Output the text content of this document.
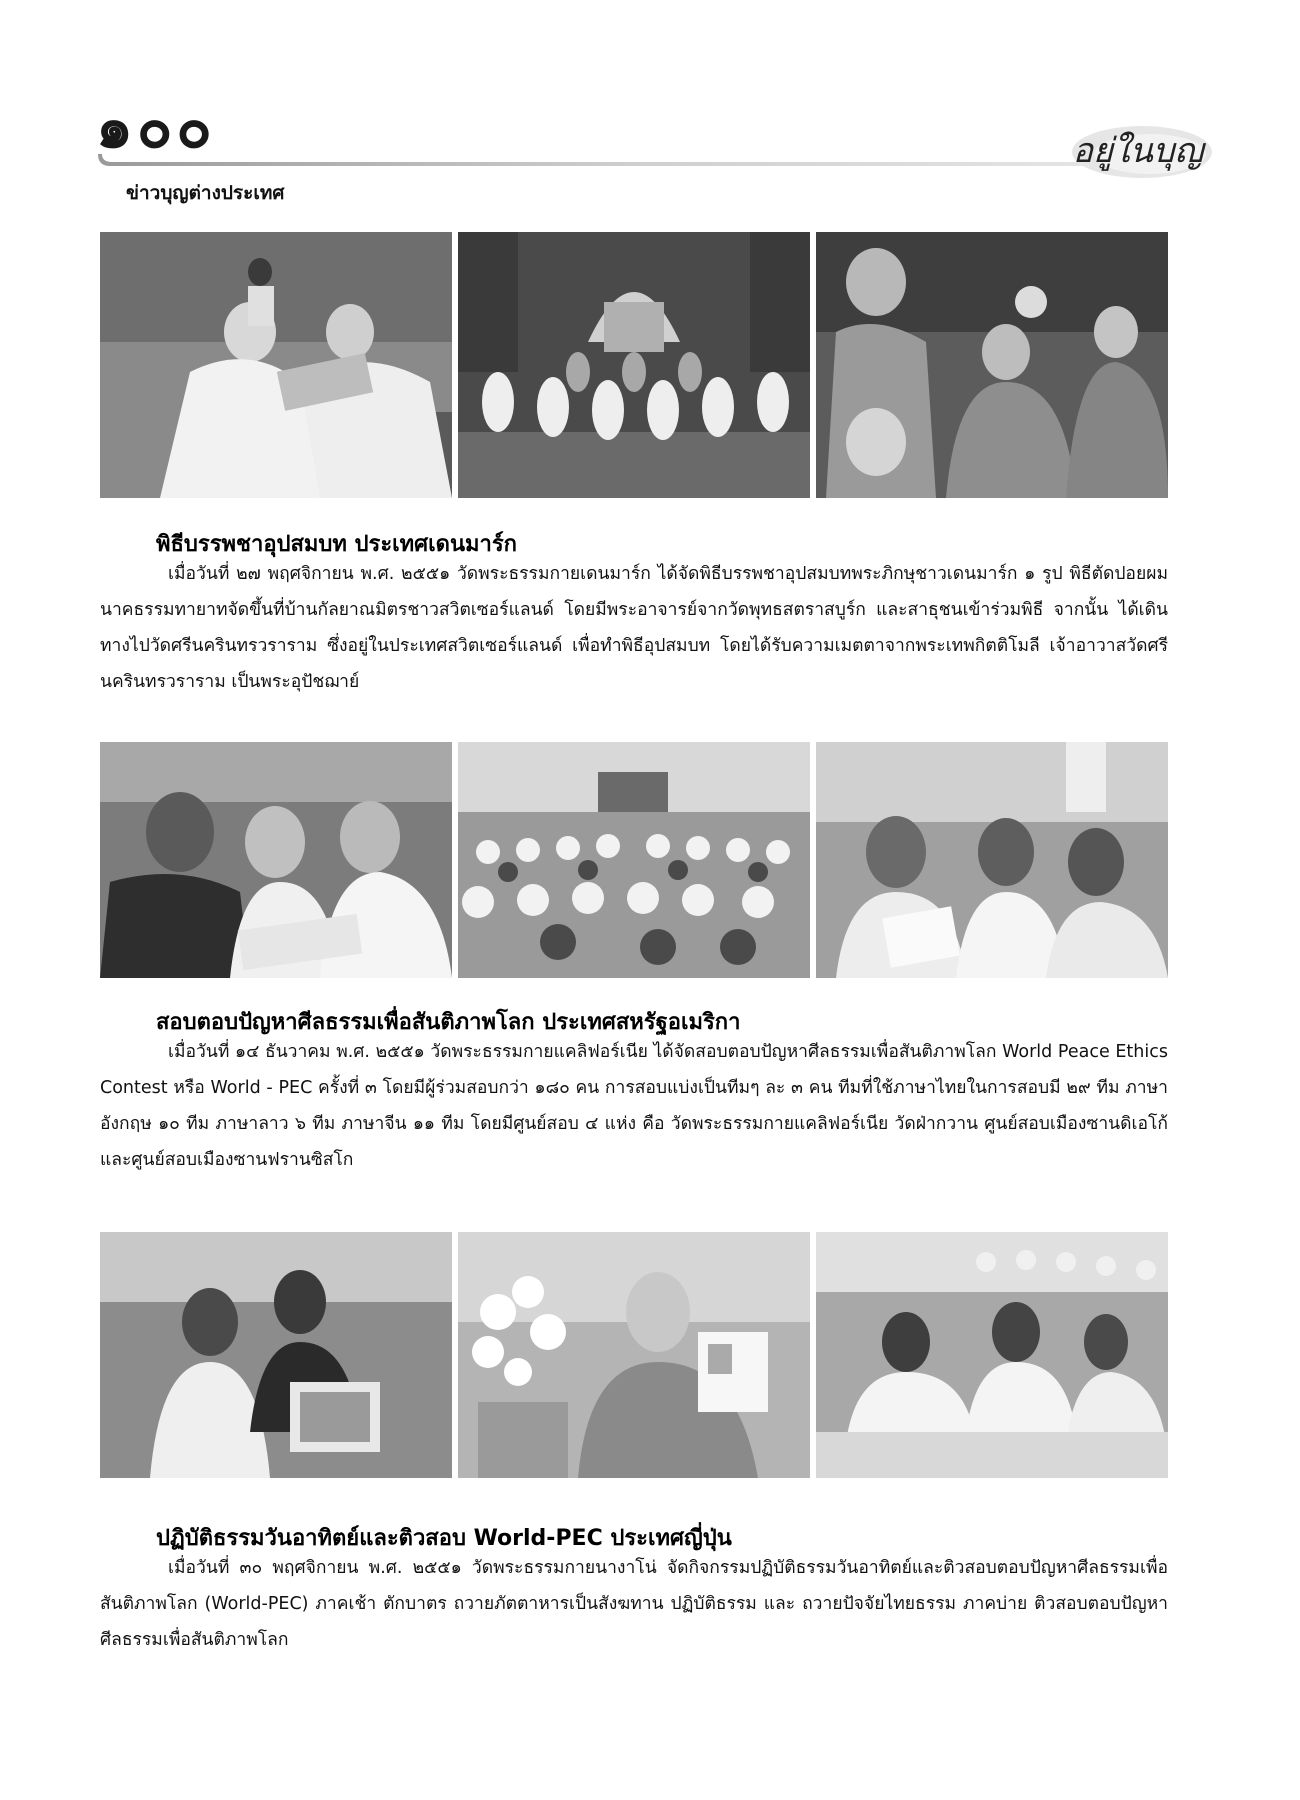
๑๐๐	อยู่ในบุญ
ข่าวบุญต่างประเทศ
พิธีบรรพชาอุปสมบท ประเทศเดนมาร์ก

เมื่อวันที่ ๒๗ พฤศจิกายน พ.ศ. ๒๕๕๑ วัดพระธรรมกายเดนมาร์ก ได้จัดพิธีบรรพชาอุปสมบทพระภิกษุชาวเดนมาร์ก ๑ รูป พิธีตัดปอยผมนาคธรรมทายาทจัดขึ้นที่บ้านกัลยาณมิตรชาวสวิตเซอร์แลนด์ โดยมีพระอาจารย์จากวัดพุทธสตราสบูร์ก และสาธุชนเข้าร่วมพิธี จากนั้น ได้เดินทางไปวัดศรีนครินทรวราราม ซึ่งอยู่ในประเทศสวิตเซอร์แลนด์ เพื่อทำพิธีอุปสมบท โดยได้รับความเมตตาจากพระเทพกิตติโมลี เจ้าอาวาสวัดศรีนครินทรวราราม เป็นพระอุปัชฌาย์

สอบตอบปัญหาศีลธรรมเพื่อสันติภาพโลก ประเทศสหรัฐอเมริกา

เมื่อวันที่ ๑๔ ธันวาคม พ.ศ. ๒๕๕๑ วัดพระธรรมกายแคลิฟอร์เนีย ได้จัดสอบตอบปัญหาศีลธรรมเพื่อสันติภาพโลก World Peace Ethics Contest หรือ World - PEC ครั้งที่ ๓ โดยมีผู้ร่วมสอบกว่า ๑๘๐ คน การสอบแบ่งเป็นทีมๆ ละ ๓ คน ทีมที่ใช้ภาษาไทยในการสอบมี ๒๙ ทีม ภาษาอังกฤษ ๑๐ ทีม ภาษาลาว ๖ ทีม ภาษาจีน ๑๑ ทีม โดยมีศูนย์สอบ ๔ แห่ง คือ วัดพระธรรมกายแคลิฟอร์เนีย วัดฝ่ากวาน ศูนย์สอบเมืองซานดิเอโก้ และศูนย์สอบเมืองซานฟรานซิสโก

ปฏิบัติธรรมวันอาทิตย์และติวสอบ World-PEC ประเทศญี่ปุ่น

เมื่อวันที่ ๓๐ พฤศจิกายน พ.ศ. ๒๕๕๑ วัดพระธรรมกายนางาโน่ จัดกิจกรรมปฏิบัติธรรมวันอาทิตย์และติวสอบตอบปัญหาศีลธรรมเพื่อสันติภาพโลก (World-PEC) ภาคเช้า ตักบาตร ถวายภัตตาหารเป็นสังฆทาน ปฏิบัติธรรม และ ถวายปัจจัยไทยธรรม ภาคบ่าย ติวสอบตอบปัญหาศีลธรรมเพื่อสันติภาพโลก
